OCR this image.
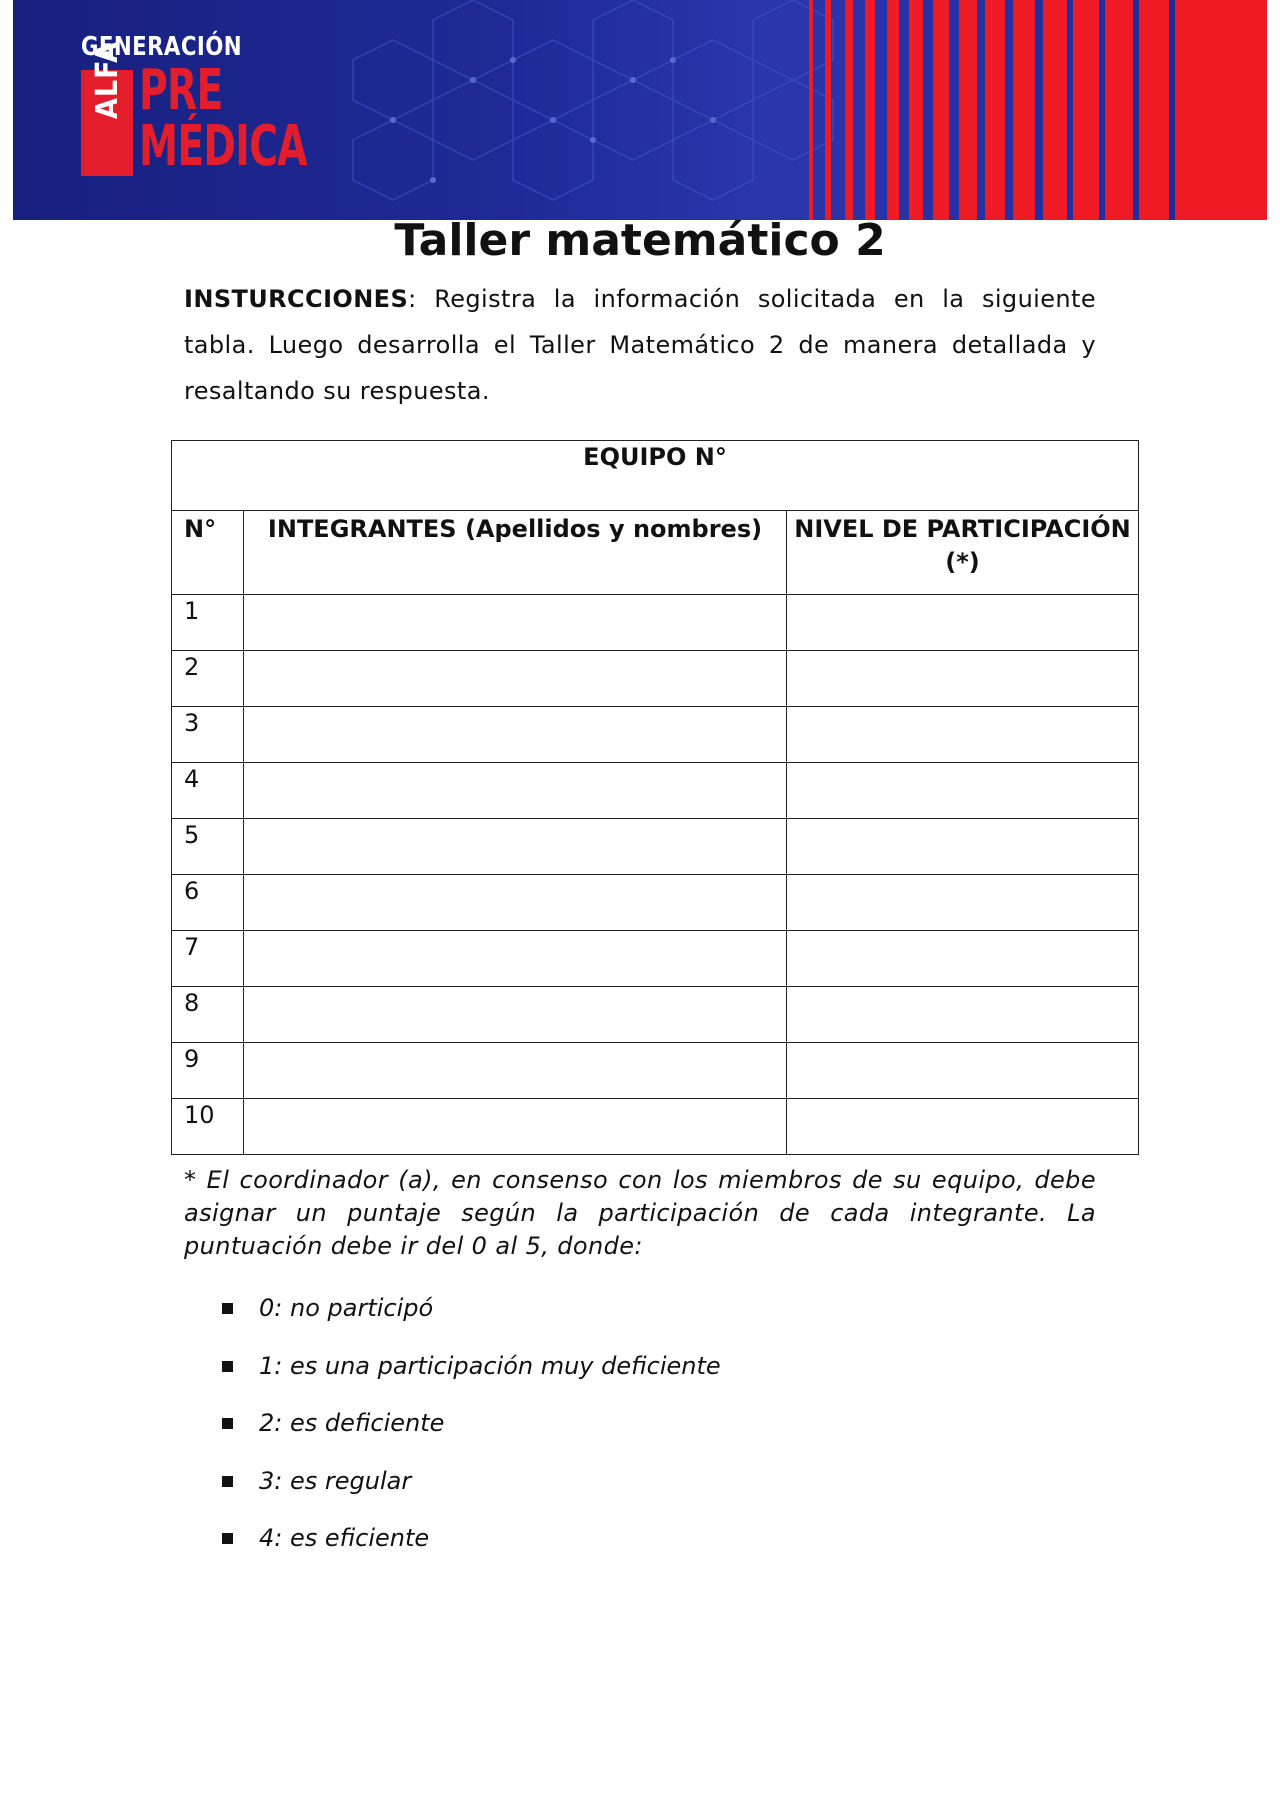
GENERACIÓN
ALFA PRE
MÉDICA
Taller matemático 2

INSTURCCIONES: Registra la información solicitada en la siguiente tabla. Luego desarrolla el Taller Matemático 2 de manera detallada y resaltando su respuesta.

EQUIPO N°		
N°	INTEGRANTES (Apellidos y nombres)	NIVEL DE PARTICIPACIÓN (*)
1		
2		
3		
4		
5		
6		
7		
8		
9		
10		

* El coordinador (a), en consenso con los miembros de su equipo, debe asignar un puntaje según la participación de cada integrante. La puntuación debe ir del 0 al 5, donde:

0: no participó
1: es una participación muy deficiente
2: es deficiente
3: es regular
4: es eficiente
